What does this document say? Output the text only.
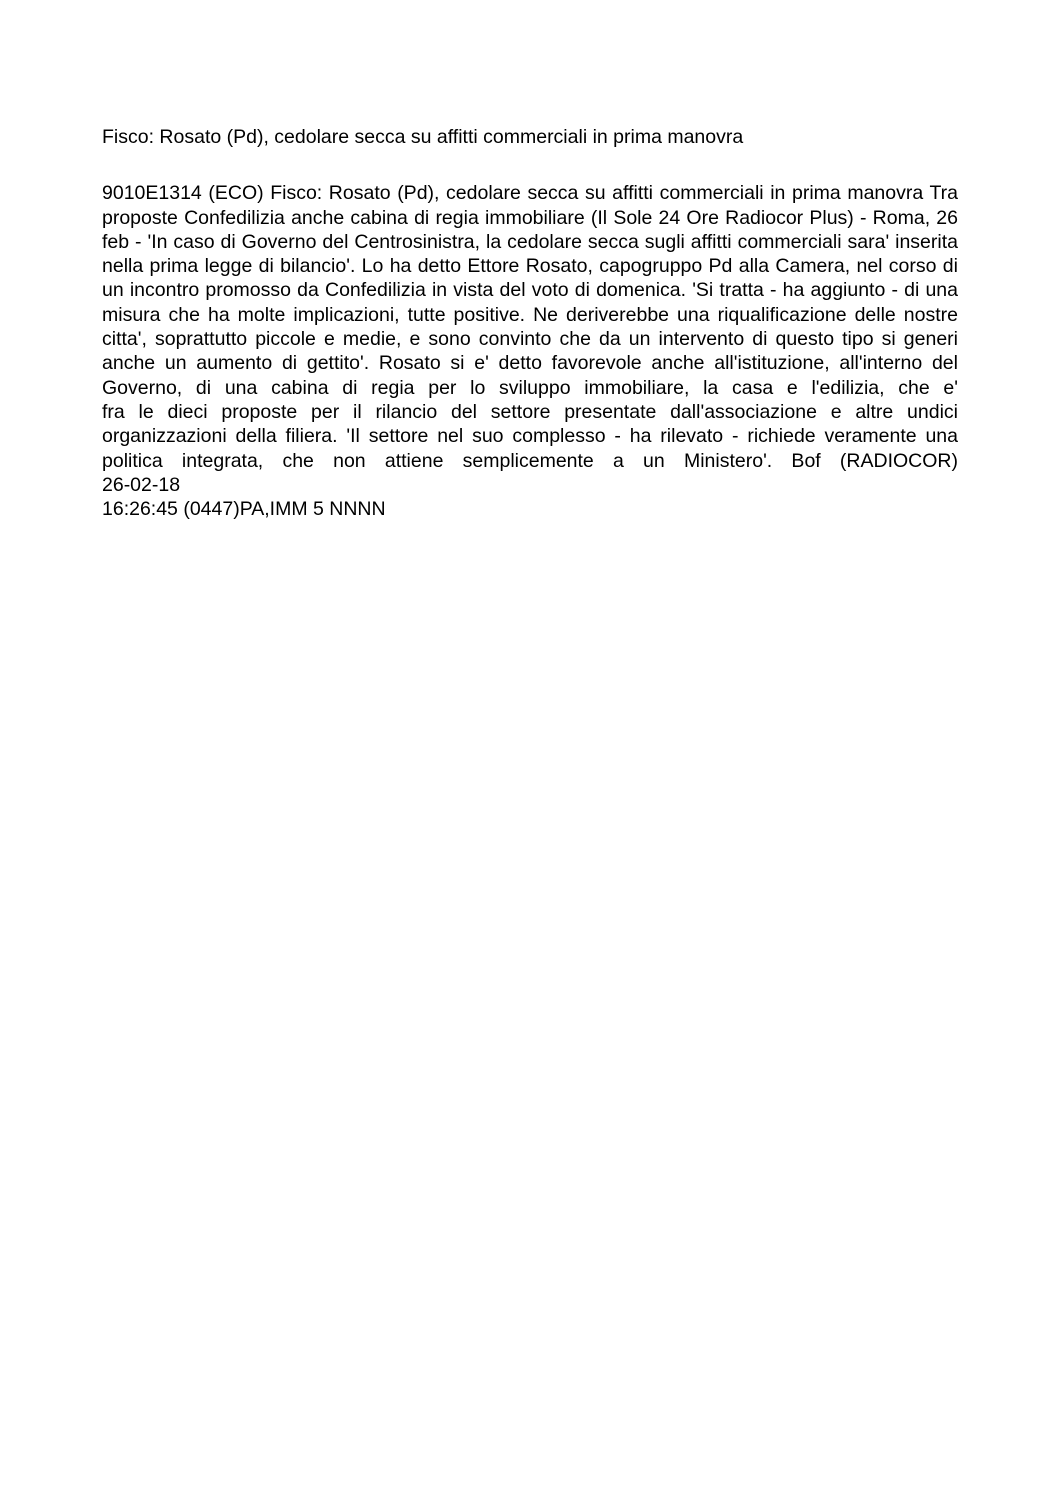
Fisco: Rosato (Pd), cedolare secca su affitti commerciali in prima manovra

9010E1314 (ECO) Fisco: Rosato (Pd), cedolare secca su affitti commerciali in prima manovra Tra proposte Confedilizia anche cabina di regia immobiliare (Il Sole 24 Ore Radiocor Plus) - Roma, 26 feb - 'In caso di Governo del Centrosinistra, la cedolare secca sugli affitti commerciali sara' inserita nella prima legge di bilancio'. Lo ha detto Ettore Rosato, capogruppo Pd alla Camera, nel corso di un incontro promosso da Confedilizia in vista del voto di domenica. 'Si tratta - ha aggiunto - di una misura che ha molte implicazioni, tutte positive. Ne deriverebbe una riqualificazione delle nostre citta', soprattutto piccole e medie, e sono convinto che da un intervento di questo tipo si generi anche un aumento di gettito'. Rosato si e' detto favorevole anche all'istituzione, all'interno del Governo, di una cabina di regia per lo sviluppo immobiliare, la casa e l'edilizia, che e'

fra le dieci proposte per il rilancio del settore presentate dall'associazione e altre undici organizzazioni della filiera. 'Il settore nel suo complesso - ha rilevato - richiede veramente una politica integrata, che non attiene semplicemente a un Ministero'. Bof (RADIOCOR)

26-02-18

16:26:45 (0447)PA,IMM 5 NNNN
